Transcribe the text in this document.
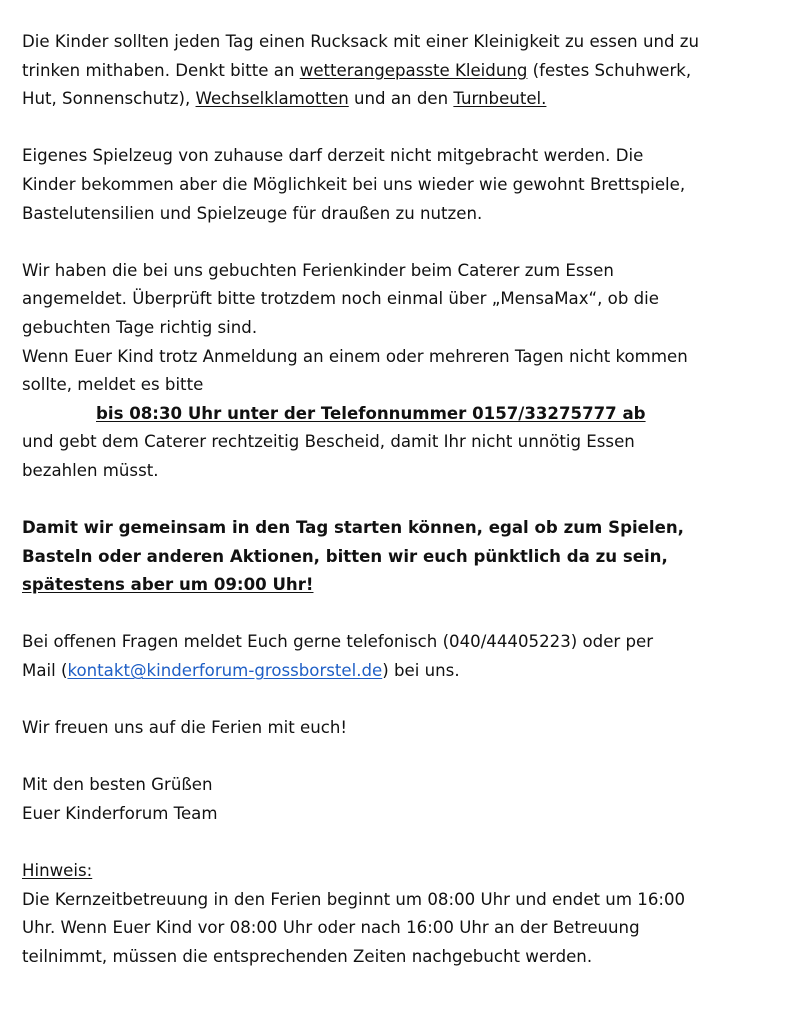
Die Kinder sollten jeden Tag einen Rucksack mit einer Kleinigkeit zu essen und zu
trinken mithaben. Denkt bitte an wetterangepasste Kleidung (festes Schuhwerk,
Hut, Sonnenschutz), Wechselklamotten und an den Turnbeutel.
Eigenes Spielzeug von zuhause darf derzeit nicht mitgebracht werden. Die
Kinder bekommen aber die Möglichkeit bei uns wieder wie gewohnt Brettspiele,
Bastelutensilien und Spielzeuge für draußen zu nutzen.
Wir haben die bei uns gebuchten Ferienkinder beim Caterer zum Essen
angemeldet. Überprüft bitte trotzdem noch einmal über „MensaMax“, ob die
gebuchten Tage richtig sind.
Wenn Euer Kind trotz Anmeldung an einem oder mehreren Tagen nicht kommen
sollte, meldet es bitte
bis 08:30 Uhr unter der Telefonnummer 0157/33275777 ab
und gebt dem Caterer rechtzeitig Bescheid, damit Ihr nicht unnötig Essen
bezahlen müsst.
Damit wir gemeinsam in den Tag starten können, egal ob zum Spielen,
Basteln oder anderen Aktionen, bitten wir euch pünktlich da zu sein,
spätestens aber um 09:00 Uhr!
Bei offenen Fragen meldet Euch gerne telefonisch (040/44405223) oder per
Mail (kontakt@kinderforum-grossborstel.de) bei uns.
Wir freuen uns auf die Ferien mit euch!
Mit den besten Grüßen
Euer Kinderforum Team
Hinweis:
Die Kernzeitbetreuung in den Ferien beginnt um 08:00 Uhr und endet um 16:00
Uhr. Wenn Euer Kind vor 08:00 Uhr oder nach 16:00 Uhr an der Betreuung
teilnimmt, müssen die entsprechenden Zeiten nachgebucht werden.
